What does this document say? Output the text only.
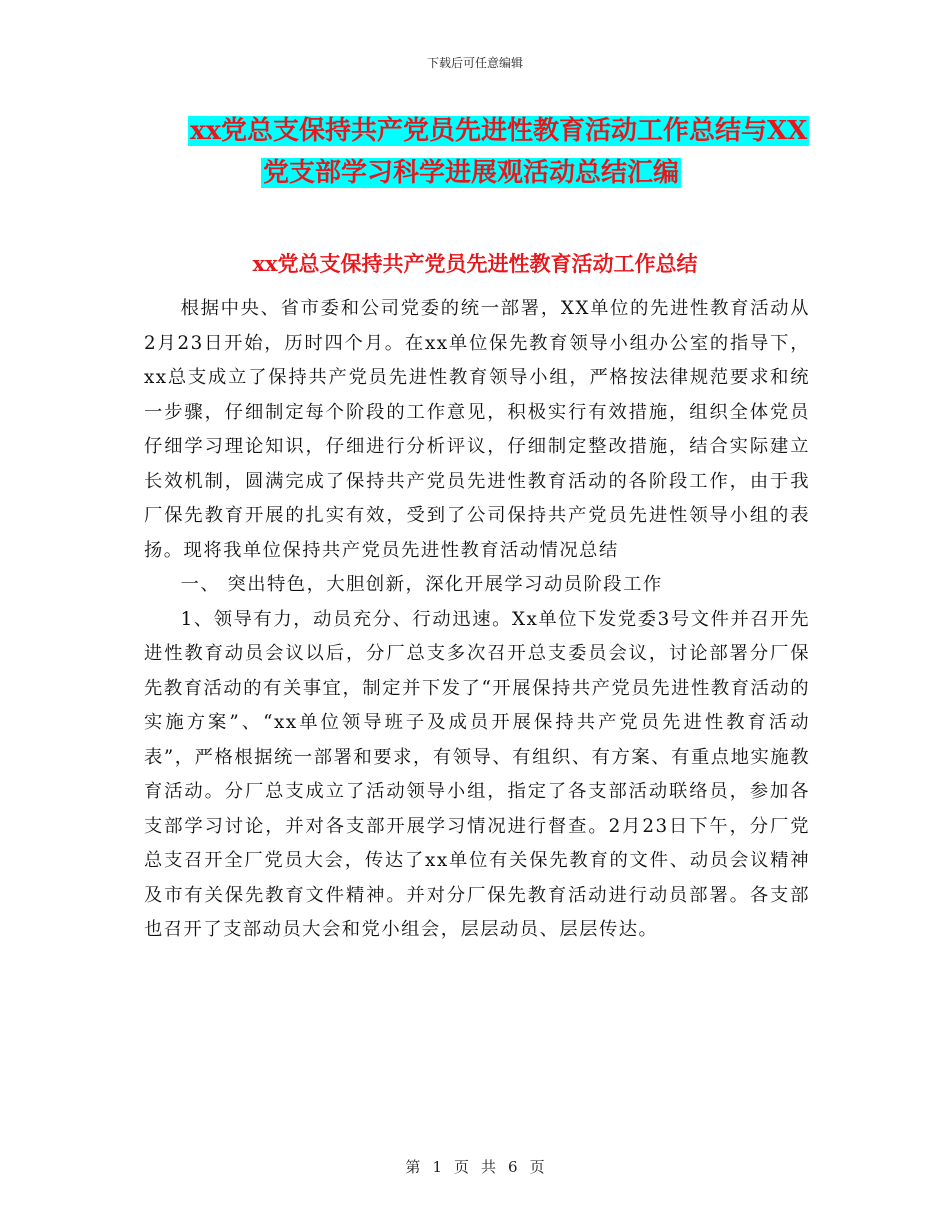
下载后可任意编辑
xx党总支保持共产党员先进性教育活动工作总结与XX
党支部学习科学进展观活动总结汇编
xx党总支保持共产党员先进性教育活动工作总结

根据中央、省市委和公司党委的统一部署，XX单位的先进性教育活动从2月23日开始，历时四个月。在xx单位保先教育领导小组办公室的指导下，xx总支成立了保持共产党员先进性教育领导小组，严格按法律规范要求和统一步骤，仔细制定每个阶段的工作意见，积极实行有效措施，组织全体党员仔细学习理论知识，仔细进行分析评议，仔细制定整改措施，结合实际建立长效机制，圆满完成了保持共产党员先进性教育活动的各阶段工作，由于我厂保先教育开展的扎实有效，受到了公司保持共产党员先进性领导小组的表扬。现将我单位保持共产党员先进性教育活动情况总结

一、 突出特色，大胆创新，深化开展学习动员阶段工作

1、领导有力，动员充分、行动迅速。Xx单位下发党委3号文件并召开先进性教育动员会议以后，分厂总支多次召开总支委员会议，讨论部署分厂保先教育活动的有关事宜，制定并下发了“开展保持共产党员先进性教育活动的实施方案”、“xx单位领导班子及成员开展保持共产党员先进性教育活动表”，严格根据统一部署和要求，有领导、有组织、有方案、有重点地实施教育活动。分厂总支成立了活动领导小组，指定了各支部活动联络员，参加各支部学习讨论，并对各支部开展学习情况进行督查。2月23日下午，分厂党总支召开全厂党员大会，传达了xx单位有关保先教育的文件、动员会议精神及市有关保先教育文件精神。并对分厂保先教育活动进行动员部署。各支部也召开了支部动员大会和党小组会，层层动员、层层传达。

第 1 页 共 6 页
